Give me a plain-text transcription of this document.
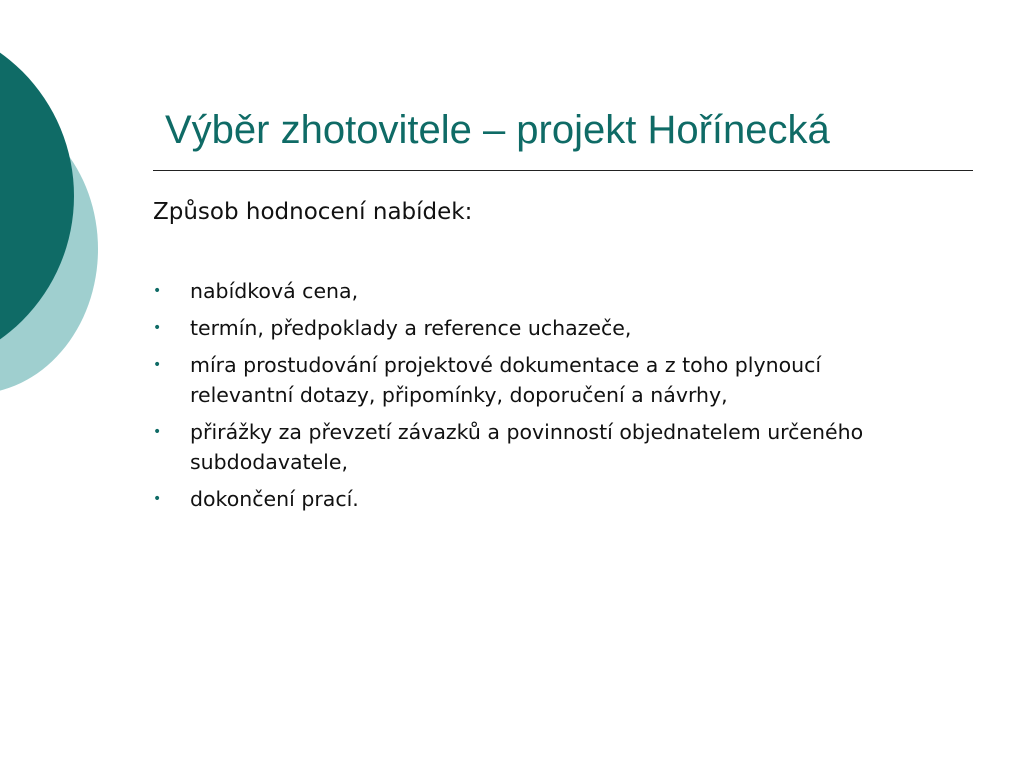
Výběr zhotovitele – projekt Hořínecká

Způsob hodnocení nabídek:

• nabídková cena,
• termín, předpoklady a reference uchazeče,
• míra prostudování projektové dokumentace a z toho plynoucí relevantní dotazy, připomínky, doporučení a návrhy,
• přirážky za převzetí závazků a povinností objednatelem určeného subdodavatele,
• dokončení prací.
